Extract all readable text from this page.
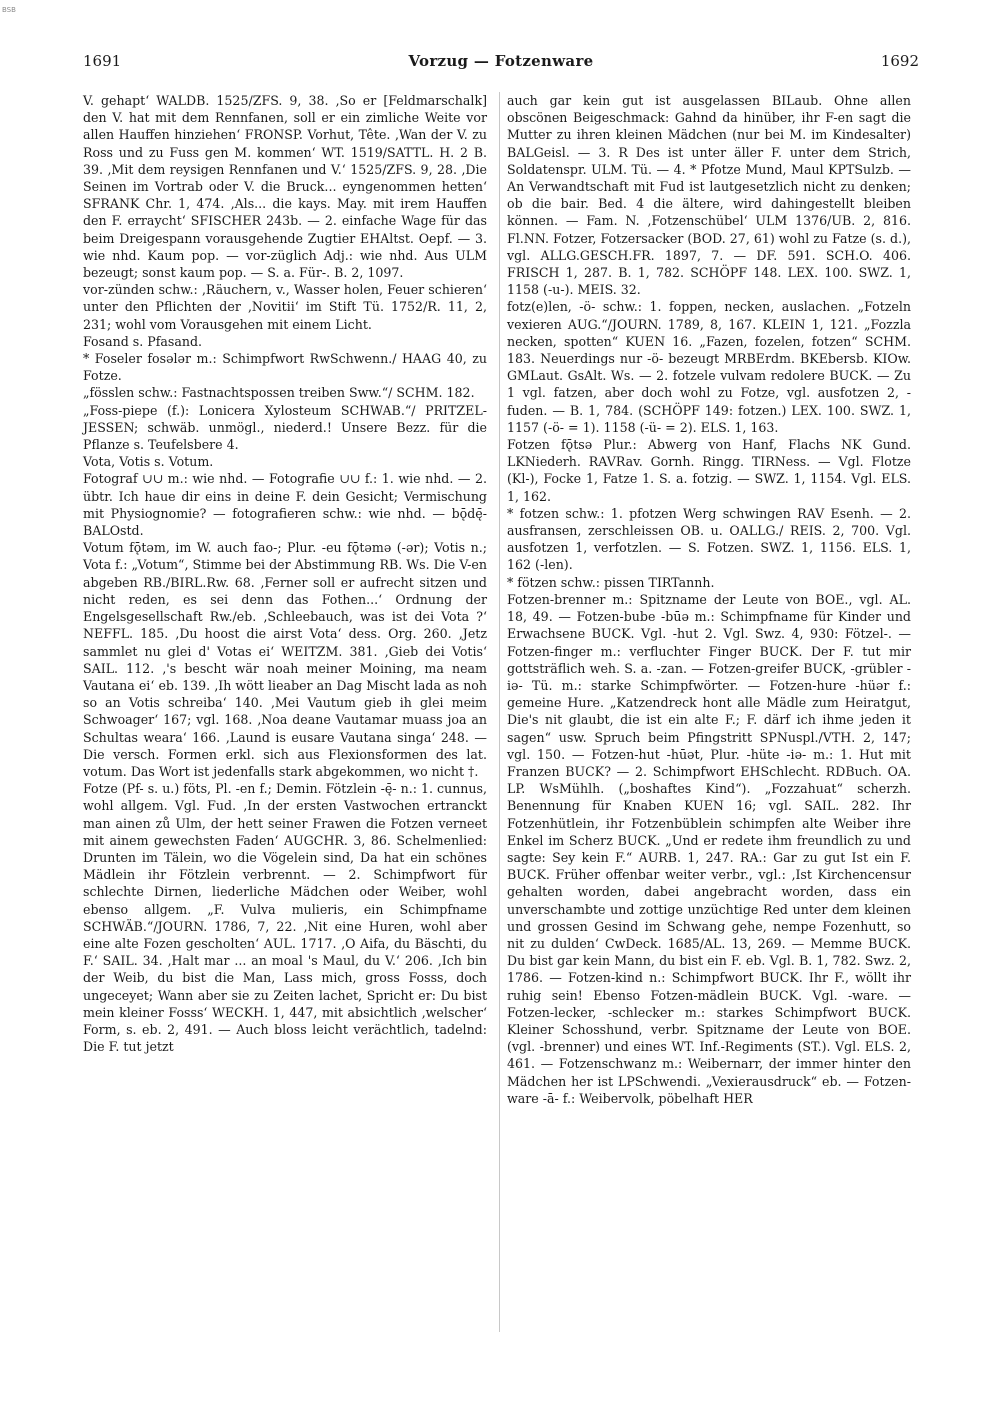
BSB
1691	Vorzug — Fotzenware	1692

V. gehapt‘ WALDB. 1525/ZFS. 9, 38. ‚So er [Feldmarschalk] den V. hat mit dem Rennfanen, soll er ein zimliche Weite vor allen Hauffen hinziehen‘ FRONSP. Vorhut, Tête. ‚Wan der V. zu Ross und zu Fuss gen M. kommen‘ WT. 1519/SATTL. H. 2 B. 39. ‚Mit dem reysigen Rennfanen und V.‘ 1525/ZFS. 9, 28. ‚Die Seinen im Vortrab oder V. die Bruck... eyngenommen hetten‘ SFRANK Chr. 1, 474. ‚Als... die kays. May. mit irem Hauffen den F. erraycht‘ SFISCHER 243b. — 2. einfache Wage für das beim Dreigespann vorausgehende Zugtier EHAltst. Oepf. — 3. wie nhd. Kaum pop. — vor-züglich Adj.: wie nhd. Aus ULM bezeugt; sonst kaum pop. — S. a. Für-. B. 2, 1097.

vor-zünden schw.: ‚Räuchern, v., Wasser holen, Feuer schieren‘ unter den Pflichten der ‚Novitii‘ im Stift Tü. 1752/R. 11, 2, 231; wohl vom Vorausgehen mit einem Licht.

Fosand s. Pfasand.

* Foseler fosələr m.: Schimpfwort RwSchwenn./ HAAG 40, zu Fotze.

„fösslen schw.: Fastnachtspossen treiben Sww.“/ SCHM. 182.

„Foss-piepe (f.): Lonicera Xylosteum SCHWAB.“/ PRITZEL-JESSEN; schwäb. unmögl., niederd.! Unsere Bezz. für die Pflanze s. Teufelsbere 4.

Vota, Votis s. Votum.

Fotograf ∪∪ m.: wie nhd. — Fotografie ∪∪ f.: 1. wie nhd. — 2. übtr. Ich haue dir eins in deine F. dein Gesicht; Vermischung mit Physiognomie? — fotografieren schw.: wie nhd. — bǭdę̄- BALOstd.

Votum fǭtəm, im W. auch fao-; Plur. -eu fǭtəmə (-ər); Votis n.; Vota f.: „Votum“, Stimme bei der Abstimmung RB. Ws. Die V-en abgeben RB./BIRL.Rw. 68. ‚Ferner soll er aufrecht sitzen und nicht reden, es sei denn das Fothen...‘ Ordnung der Engelsgesellschaft Rw./eb. ‚Schleebauch, was ist dei Vota ?‘ NEFFL. 185. ‚Du hoost die airst Vota‘ dess. Org. 260. ‚Jetz sammlet nu glei d' Votas ei‘ WEITZM. 381. ‚Gieb dei Votis‘ SAIL. 112. ‚'s bescht wär noah meiner Moining, ma neam Vautana ei‘ eb. 139. ‚Ih wött lieaber an Dag Mischt lada as noh so an Votis schreiba‘ 140. ‚Mei Vautum gieb ih glei meim Schwoager‘ 167; vgl. 168. ‚Noa deane Vautamar muass joa an Schultas weara‘ 166. ‚Laund is eusare Vautana singa‘ 248. — Die versch. Formen erkl. sich aus Flexionsformen des lat. votum. Das Wort ist jedenfalls stark abgekommen, wo nicht †.

Fotze (Pf- s. u.) föts, Pl. -en f.; Demin. Fötzlein -ę̄- n.: 1. cunnus, wohl allgem. Vgl. Fud. ‚In der ersten Vastwochen ertranckt man ainen zů Ulm, der hett seiner Frawen die Fotzen verneet mit ainem gewechsten Faden‘ AUGCHR. 3, 86. Schelmenlied: Drunten im Tälein, wo die Vögelein sind, Da hat ein schönes Mädlein ihr Fötzlein verbrennt. — 2. Schimpfwort für schlechte Dirnen, liederliche Mädchen oder Weiber, wohl ebenso allgem. „F. Vulva mulieris, ein Schimpfname SCHWÄB.“/JOURN. 1786, 7, 22. ‚Nit eine Huren, wohl aber eine alte Fozen gescholten‘ AUL. 1717. ‚O Aifa, du Bäschti, du F.‘ SAIL. 34. ‚Halt mar ... an moal 's Maul, du V.‘ 206. ‚Ich bin der Weib, du bist die Man, Lass mich, gross Fosss, doch ungeceyet; Wann aber sie zu Zeiten lachet, Spricht er: Du bist mein kleiner Fosss‘ WECKH. 1, 447, mit absichtlich ‚welscher‘ Form, s. eb. 2, 491. — Auch bloss leicht verächtlich, tadelnd: Die F. tut jetzt

auch gar kein gut ist ausgelassen BILaub. Ohne allen obscönen Beigeschmack: Gahnd da hinüber, ihr F-en sagt die Mutter zu ihren kleinen Mädchen (nur bei M. im Kindesalter) BALGeisl. — 3. R Des ist unter äller F. unter dem Strich, Soldatenspr. ULM. Tü. — 4. * Pfotze Mund, Maul KPTSulzb. — An Verwandtschaft mit Fud ist lautgesetzlich nicht zu denken; ob die bair. Bed. 4 die ältere, wird dahingestellt bleiben können. — Fam. N. ‚Fotzenschübel‘ ULM 1376/UB. 2, 816. Fl.NN. Fotzer, Fotzersacker (BOD. 27, 61) wohl zu Fatze (s. d.), vgl. ALLG.GESCH.FR. 1897, 7. — DF. 591. SCH.O. 406. FRISCH 1, 287. B. 1, 782. SCHÖPF 148. LEX. 100. SWZ. 1, 1158 (-u-). MEIS. 32.

fotz(e)len, -ö- schw.: 1. foppen, necken, auslachen. „Fotzeln vexieren AUG.“/JOURN. 1789, 8, 167. KLEIN 1, 121. „Fozzla necken, spotten“ KUEN 16. „Fazen, fozelen, fotzen“ SCHM. 183. Neuerdings nur -ö- bezeugt MRBErdm. BKEbersb. KIOw. GMLaut. GsAlt. Ws. — 2. fotzele vulvam redolere BUCK. — Zu 1 vgl. fatzen, aber doch wohl zu Fotze, vgl. ausfotzen 2, -fuden. — B. 1, 784. (SCHÖPF 149: fotzen.) LEX. 100. SWZ. 1, 1157 (-ö- = 1). 1158 (-ü- = 2). ELS. 1, 163.

Fotzen fǭtsə Plur.: Abwerg von Hanf, Flachs NK Gund. LKNiederh. RAVRav. Gornh. Ringg. TIRNess. — Vgl. Flotze (Kl-), Focke 1, Fatze 1. S. a. fotzig. — SWZ. 1, 1154. Vgl. ELS. 1, 162.

* fotzen schw.: 1. pfotzen Werg schwingen RAV Esenh. — 2. ausfransen, zerschleissen OB. u. OALLG./ REIS. 2, 700. Vgl. ausfotzen 1, verfotzlen. — S. Fotzen. SWZ. 1, 1156. ELS. 1, 162 (-len).

* fötzen schw.: pissen TIRTannh.

Fotzen-brenner m.: Spitzname der Leute von BOE., vgl. AL. 18, 49. — Fotzen-bube -būə m.: Schimpfname für Kinder und Erwachsene BUCK. Vgl. -hut 2. Vgl. Swz. 4, 930: Fötzel-. — Fotzen-finger m.: verfluchter Finger BUCK. Der F. tut mir gottsträflich weh. S. a. -zan. — Fotzen-greifer BUCK, -grübler -iə- Tü. m.: starke Schimpfwörter. — Fotzen-hure -hüər f.: gemeine Hure. „Katzendreck hont alle Mädle zum Heiratgut, Die's nit glaubt, die ist ein alte F.; F. därf ich ihme jeden it sagen“ usw. Spruch beim Pfingstritt SPNuspl./VTH. 2, 147; vgl. 150. — Fotzen-hut -hūət, Plur. -hüte -iə- m.: 1. Hut mit Franzen BUCK? — 2. Schimpfwort EHSchlecht. RDBuch. OA. LP. WsMühlh. („boshaftes Kind“). „Fozzahuat“ scherzh. Benennung für Knaben KUEN 16; vgl. SAIL. 282. Ihr Fotzenhütlein, ihr Fotzenbüblein schimpfen alte Weiber ihre Enkel im Scherz BUCK. „Und er redete ihm freundlich zu und sagte: Sey kein F.“ AURB. 1, 247. RA.: Gar zu gut Ist ein F. BUCK. Früher offenbar weiter verbr., vgl.: ‚Ist Kirchencensur gehalten worden, dabei angebracht worden, dass ein unverschambte und zottige unzüchtige Red unter dem kleinen und grossen Gesind im Schwang gehe, nempe Fozenhutt, so nit zu dulden‘ CwDeck. 1685/AL. 13, 269. — Memme BUCK. Du bist gar kein Mann, du bist ein F. eb. Vgl. B. 1, 782. Swz. 2, 1786. — Fotzen-kind n.: Schimpfwort BUCK. Ihr F., wöllt ihr ruhig sein! Ebenso Fotzen-mädlein BUCK. Vgl. -ware. — Fotzen-lecker, -schlecker m.: starkes Schimpfwort BUCK. Kleiner Schosshund, verbr. Spitzname der Leute von BOE. (vgl. -brenner) und eines WT. Inf.-Regiments (ST.). Vgl. ELS. 2, 461. — Fotzenschwanz m.: Weibernarr, der immer hinter den Mädchen her ist LPSchwendi. „Vexierausdruck“ eb. — Fotzen-ware -ā- f.: Weibervolk, pöbelhaft HER
